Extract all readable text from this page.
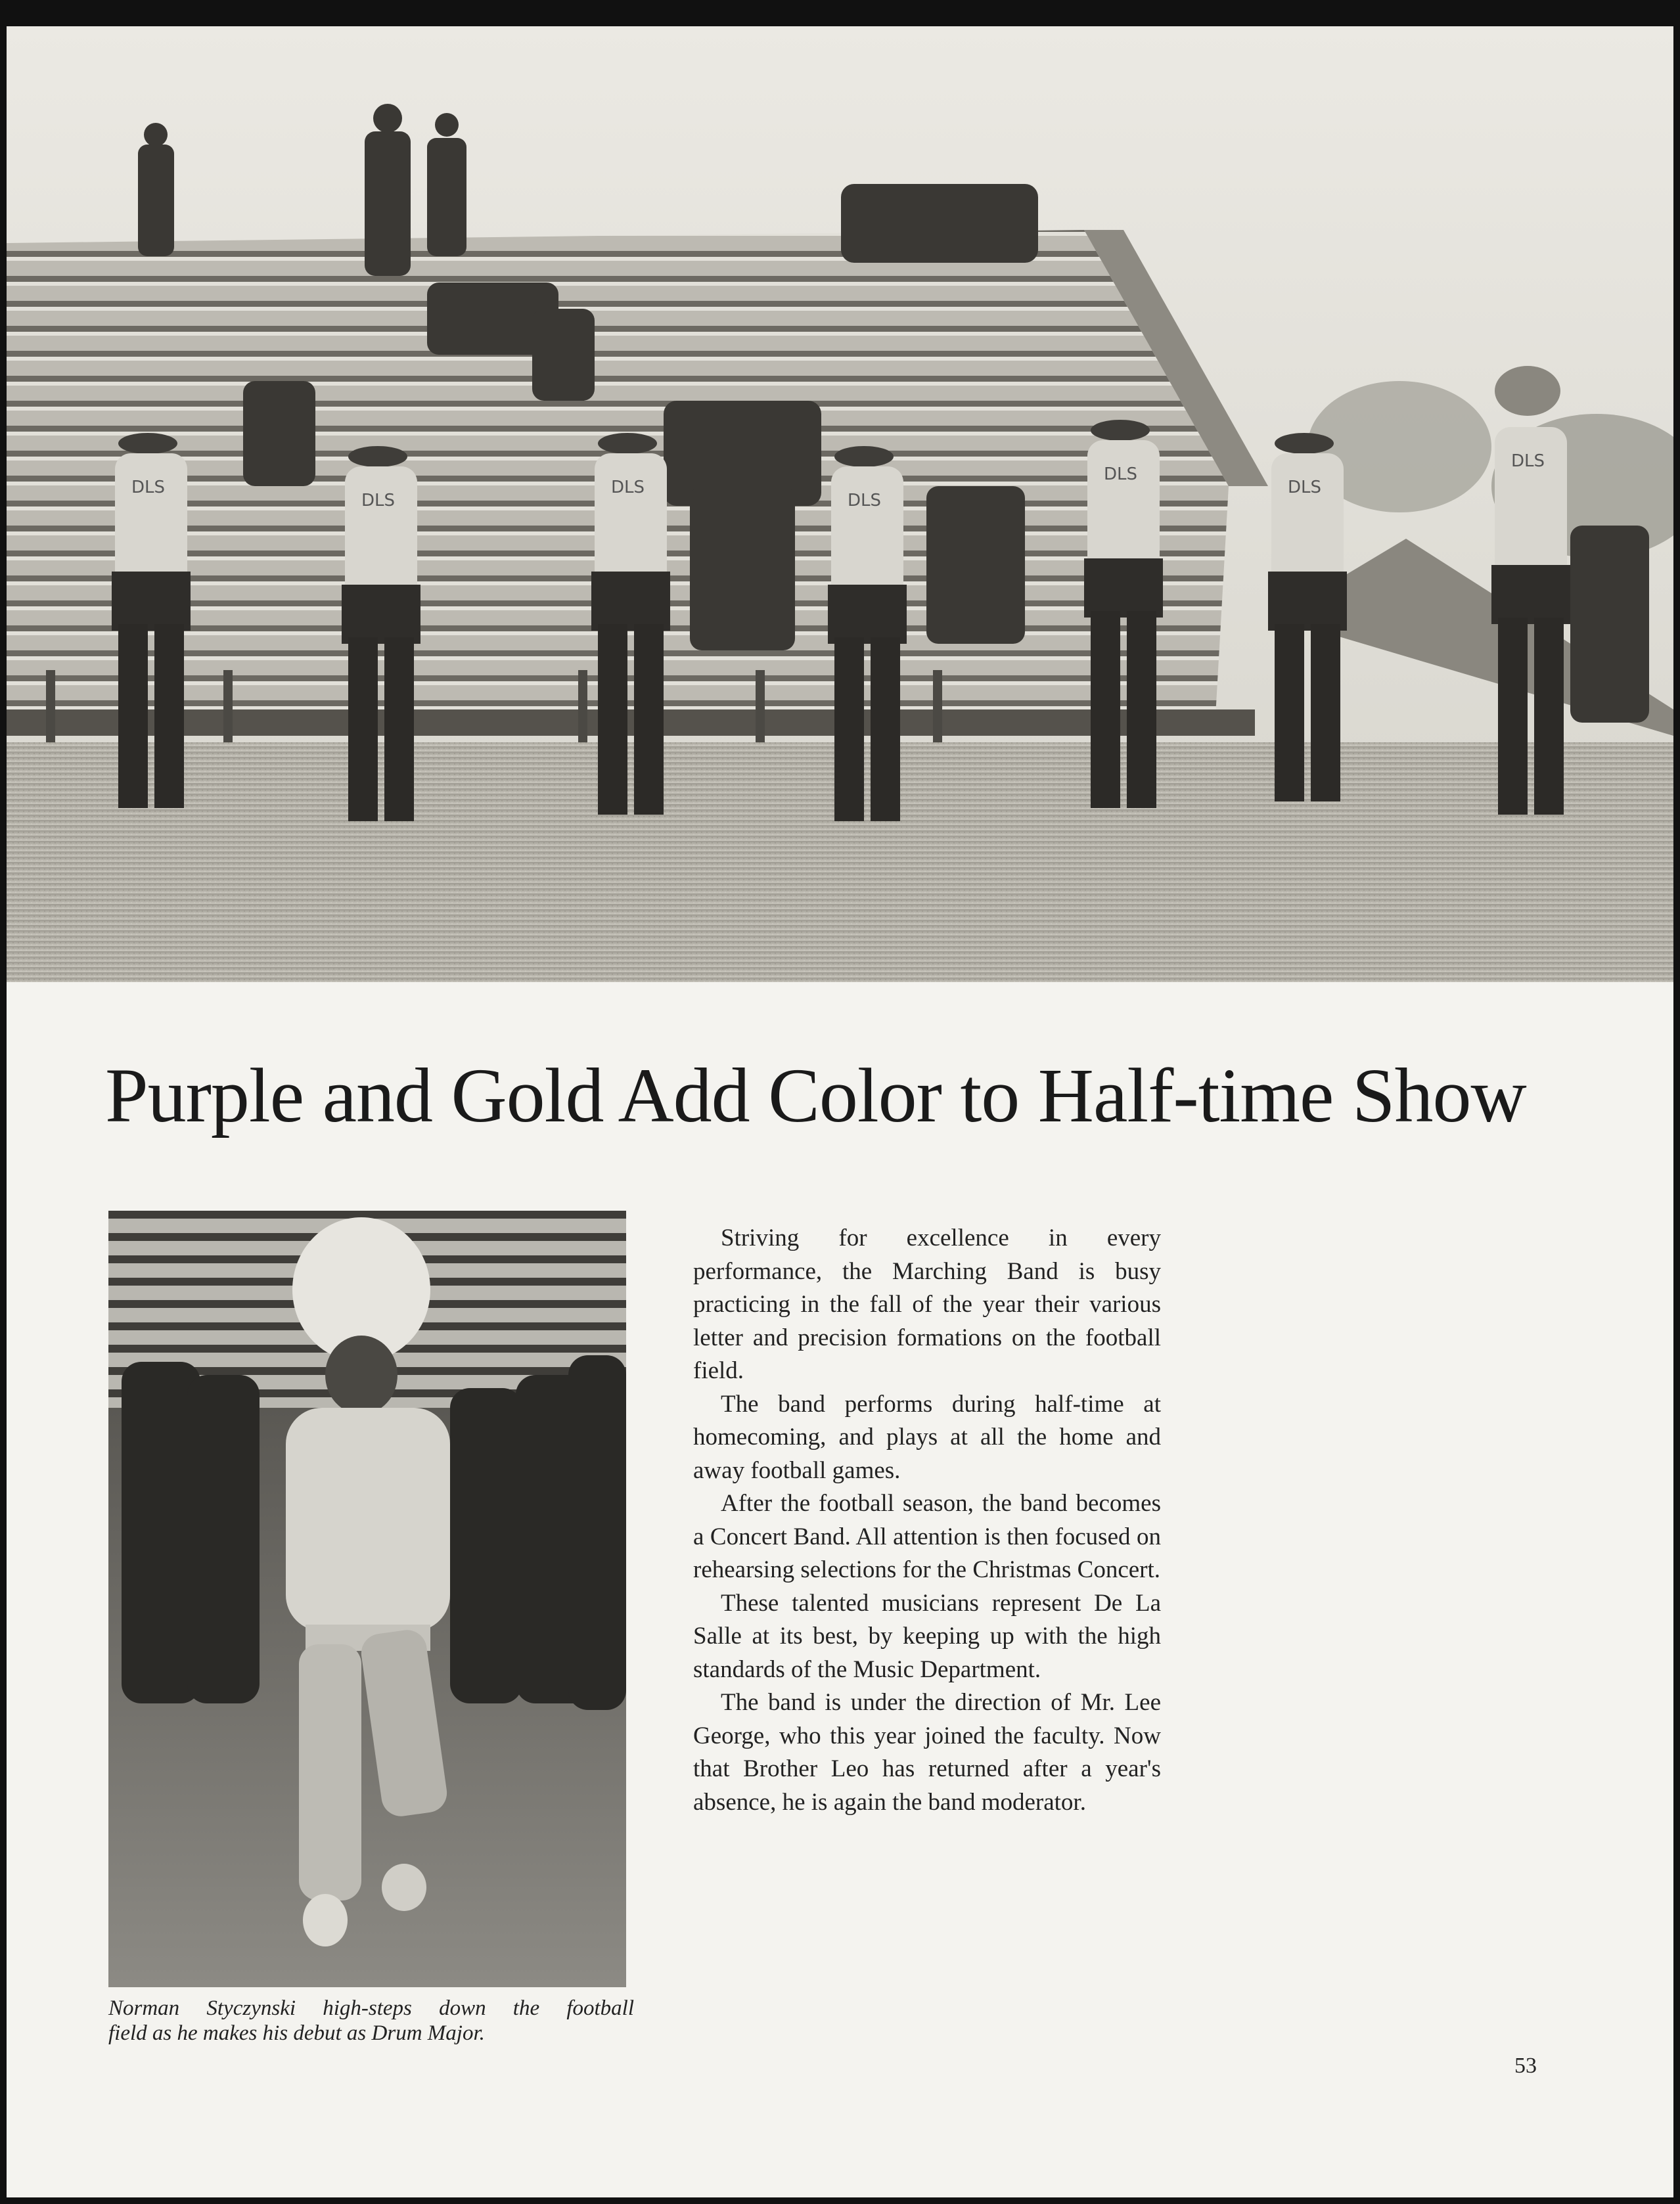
DLS
DLS
DLS
DLS
DLS
DLS
DLS
Purple and Gold Add Color to Half-time Show

Norman Styczynski high-steps down the football
field as he makes his debut as Drum Major.

Striving for excellence in every performance, the Marching Band is busy practicing in the fall of the year their various letter and precision formations on the football field.

The band performs during half-time at homecoming, and plays at all the home and away football games.

After the football season, the band becomes a Concert Band. All attention is then focused on rehearsing selections for the Christmas Concert.

These talented musicians represent De La Salle at its best, by keeping up with the high standards of the Music Department.

The band is under the direction of Mr. Lee George, who this year joined the faculty. Now that Brother Leo has returned after a year's absence, he is again the band moderator.

53
